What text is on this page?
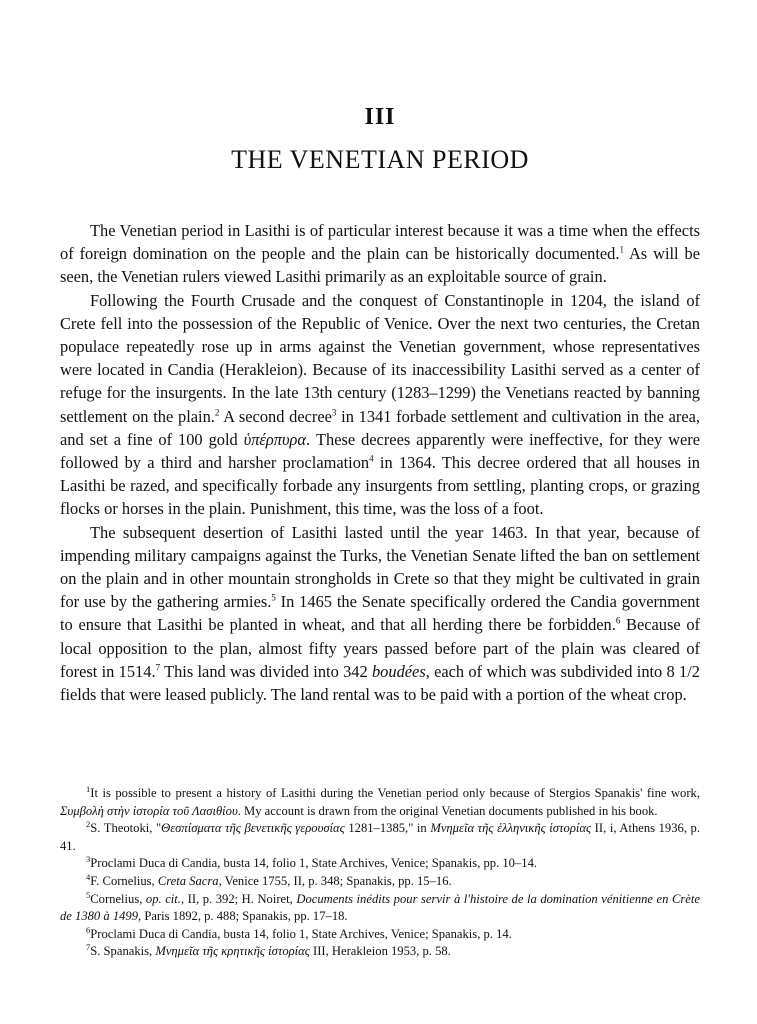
III
THE VENETIAN PERIOD

The Venetian period in Lasithi is of particular interest because it was a time when the effects of foreign domination on the people and the plain can be historically documented.$^1$ As will be seen, the Venetian rulers viewed Lasithi primarily as an exploitable source of grain.

Following the Fourth Crusade and the conquest of Constantinople in 1204, the island of Crete fell into the possession of the Republic of Venice. Over the next two centuries, the Cretan populace repeatedly rose up in arms against the Venetian government, whose representatives were located in Candia (Herakleion). Because of its inaccessibility Lasithi served as a center of refuge for the insurgents. In the late 13th century (1283–1299) the Venetians reacted by banning settlement on the plain.$^2$ A second decree$^3$ in 1341 forbade settlement and cultivation in the area, and set a fine of 100 gold ὑπέρπυρα. These decrees apparently were ineffective, for they were followed by a third and harsher proclamation$^4$ in 1364. This decree ordered that all houses in Lasithi be razed, and specifically forbade any insurgents from settling, planting crops, or grazing flocks or horses in the plain. Punishment, this time, was the loss of a foot.

The subsequent desertion of Lasithi lasted until the year 1463. In that year, because of impending military campaigns against the Turks, the Venetian Senate lifted the ban on settlement on the plain and in other mountain strongholds in Crete so that they might be cultivated in grain for use by the gathering armies.$^5$ In 1465 the Senate specifically ordered the Candia government to ensure that Lasithi be planted in wheat, and that all herding there be forbidden.$^6$ Because of local opposition to the plan, almost fifty years passed before part of the plain was cleared of forest in 1514.$^7$ This land was divided into 342 boudées, each of which was subdivided into 8 1/2 fields that were leased publicly. The land rental was to be paid with a portion of the wheat crop.

$^1$It is possible to present a history of Lasithi during the Venetian period only because of Stergios Spanakis' fine work, Συμβολὴ στὴν ἱστορία τοῦ Λασιθίου. My account is drawn from the original Venetian documents published in his book.

$^2$S. Theotoki, "Θεσπίσματα τῆς βενετικῆς γερουσίας 1281–1385," in Μνημεῖα τῆς ἑλληνικῆς ἱστορίας II, i, Athens 1936, p. 41.

$^3$Proclami Duca di Candia, busta 14, folio 1, State Archives, Venice; Spanakis, pp. 10–14.

$^4$F. Cornelius, Creta Sacra, Venice 1755, II, p. 348; Spanakis, pp. 15–16.

$^5$Cornelius, op. cit., II, p. 392; H. Noiret, Documents inédits pour servir à l'histoire de la domination vénitienne en Crète de 1380 à 1499, Paris 1892, p. 488; Spanakis, pp. 17–18.

$^6$Proclami Duca di Candia, busta 14, folio 1, State Archives, Venice; Spanakis, p. 14.

$^7$S. Spanakis, Μνημεῖα τῆς κρητικῆς ἱστορίας III, Herakleion 1953, p. 58.
